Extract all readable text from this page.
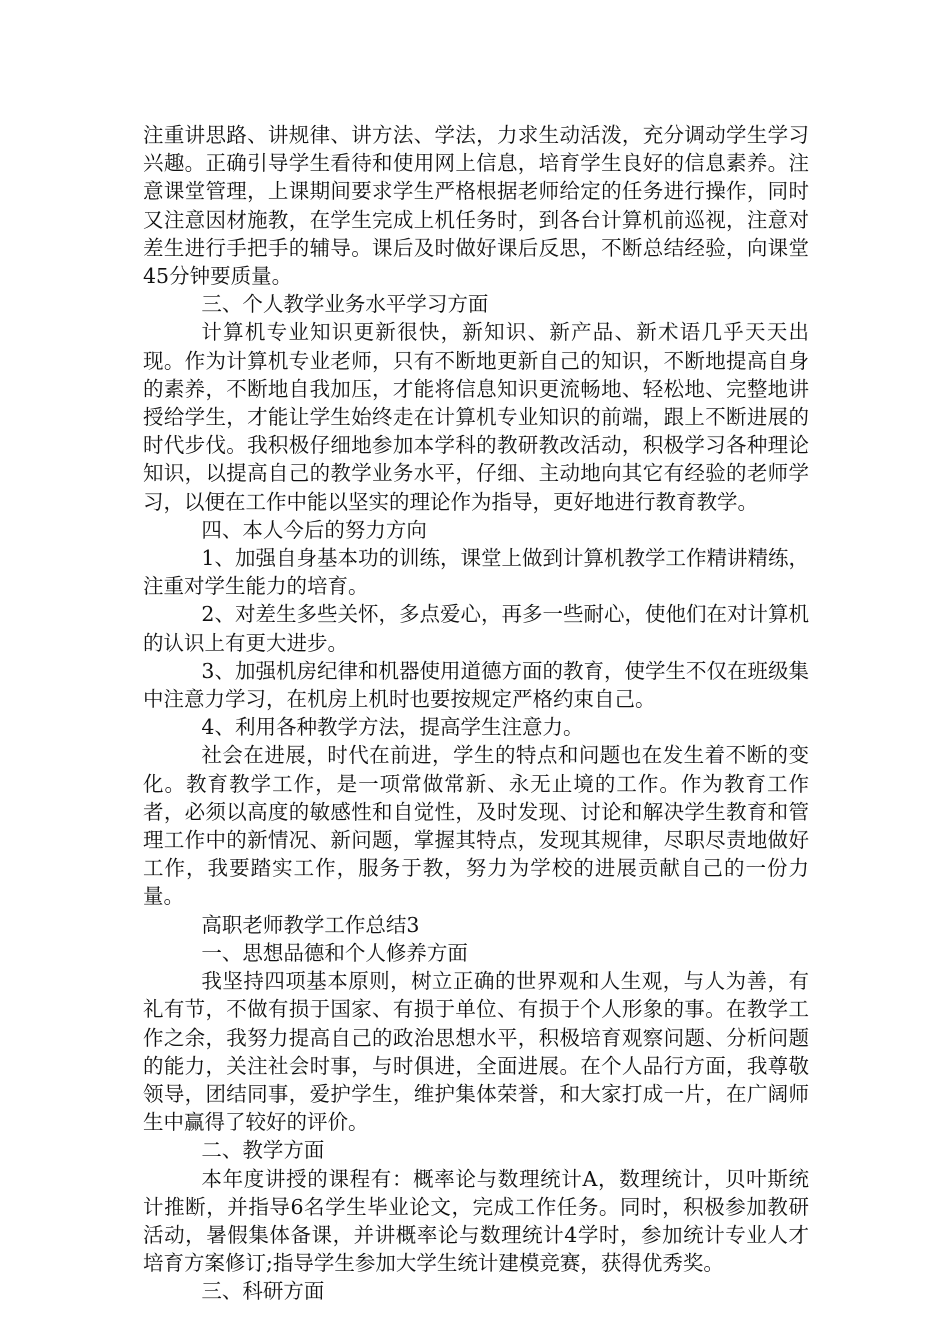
注重讲思路、讲规律、讲方法、学法，力求生动活泼，充分调动学生学习兴趣。正确引导学生看待和使用网上信息，培育学生良好的信息素养。注意课堂管理，上课期间要求学生严格根据老师给定的任务进行操作，同时又注意因材施教，在学生完成上机任务时，到各台计算机前巡视，注意对差生进行手把手的辅导。课后及时做好课后反思，不断总结经验，向课堂45分钟要质量。

三、个人教学业务水平学习方面

计算机专业知识更新很快，新知识、新产品、新术语几乎天天出现。作为计算机专业老师，只有不断地更新自己的知识，不断地提高自身的素养，不断地自我加压，才能将信息知识更流畅地、轻松地、完整地讲授给学生，才能让学生始终走在计算机专业知识的前端，跟上不断进展的时代步伐。我积极仔细地参加本学科的教研教改活动，积极学习各种理论知识，以提高自己的教学业务水平，仔细、主动地向其它有经验的老师学习，以便在工作中能以坚实的理论作为指导，更好地进行教育教学。

四、本人今后的努力方向

1、加强自身基本功的训练，课堂上做到计算机教学工作精讲精练，注重对学生能力的培育。

2、对差生多些关怀，多点爱心，再多一些耐心，使他们在对计算机的认识上有更大进步。

3、加强机房纪律和机器使用道德方面的教育，使学生不仅在班级集中注意力学习，在机房上机时也要按规定严格约束自己。

4、利用各种教学方法，提高学生注意力。

社会在进展，时代在前进，学生的特点和问题也在发生着不断的变化。教育教学工作，是一项常做常新、永无止境的工作。作为教育工作者，必须以高度的敏感性和自觉性，及时发现、讨论和解决学生教育和管理工作中的新情况、新问题，掌握其特点，发现其规律，尽职尽责地做好工作，我要踏实工作，服务于教，努力为学校的进展贡献自己的一份力量。

高职老师教学工作总结3

一、思想品德和个人修养方面

我坚持四项基本原则，树立正确的世界观和人生观，与人为善，有礼有节，不做有损于国家、有损于单位、有损于个人形象的事。在教学工作之余，我努力提高自己的政治思想水平，积极培育观察问题、分析问题的能力，关注社会时事，与时俱进，全面进展。在个人品行方面，我尊敬领导，团结同事，爱护学生，维护集体荣誉，和大家打成一片，在广阔师生中赢得了较好的评价。

二、教学方面

本年度讲授的课程有：概率论与数理统计A，数理统计，贝叶斯统计推断，并指导6名学生毕业论文，完成工作任务。同时，积极参加教研活动，暑假集体备课，并讲概率论与数理统计4学时，参加统计专业人才培育方案修订;指导学生参加大学生统计建模竞赛，获得优秀奖。

三、科研方面
